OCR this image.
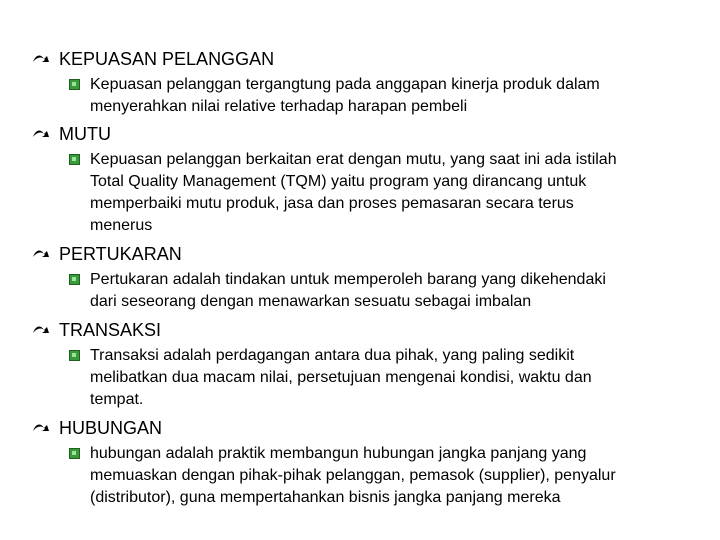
KEPUASAN PELANGGAN
Kepuasan pelanggan tergangtung pada anggapan kinerja produk dalam
menyerahkan nilai relative terhadap harapan pembeli
MUTU
Kepuasan pelanggan berkaitan erat dengan mutu, yang saat ini ada istilah
Total Quality Management (TQM) yaitu program yang dirancang untuk
memperbaiki mutu produk, jasa dan proses pemasaran secara terus
menerus
PERTUKARAN
Pertukaran adalah tindakan untuk memperoleh barang yang dikehendaki
dari seseorang dengan menawarkan sesuatu sebagai imbalan
TRANSAKSI
Transaksi adalah perdagangan antara dua pihak, yang paling sedikit
melibatkan dua macam nilai, persetujuan mengenai kondisi, waktu dan
tempat.
HUBUNGAN
hubungan adalah praktik membangun hubungan jangka panjang yang
memuaskan dengan pihak-pihak pelanggan, pemasok (supplier), penyalur
(distributor), guna mempertahankan bisnis jangka panjang mereka
